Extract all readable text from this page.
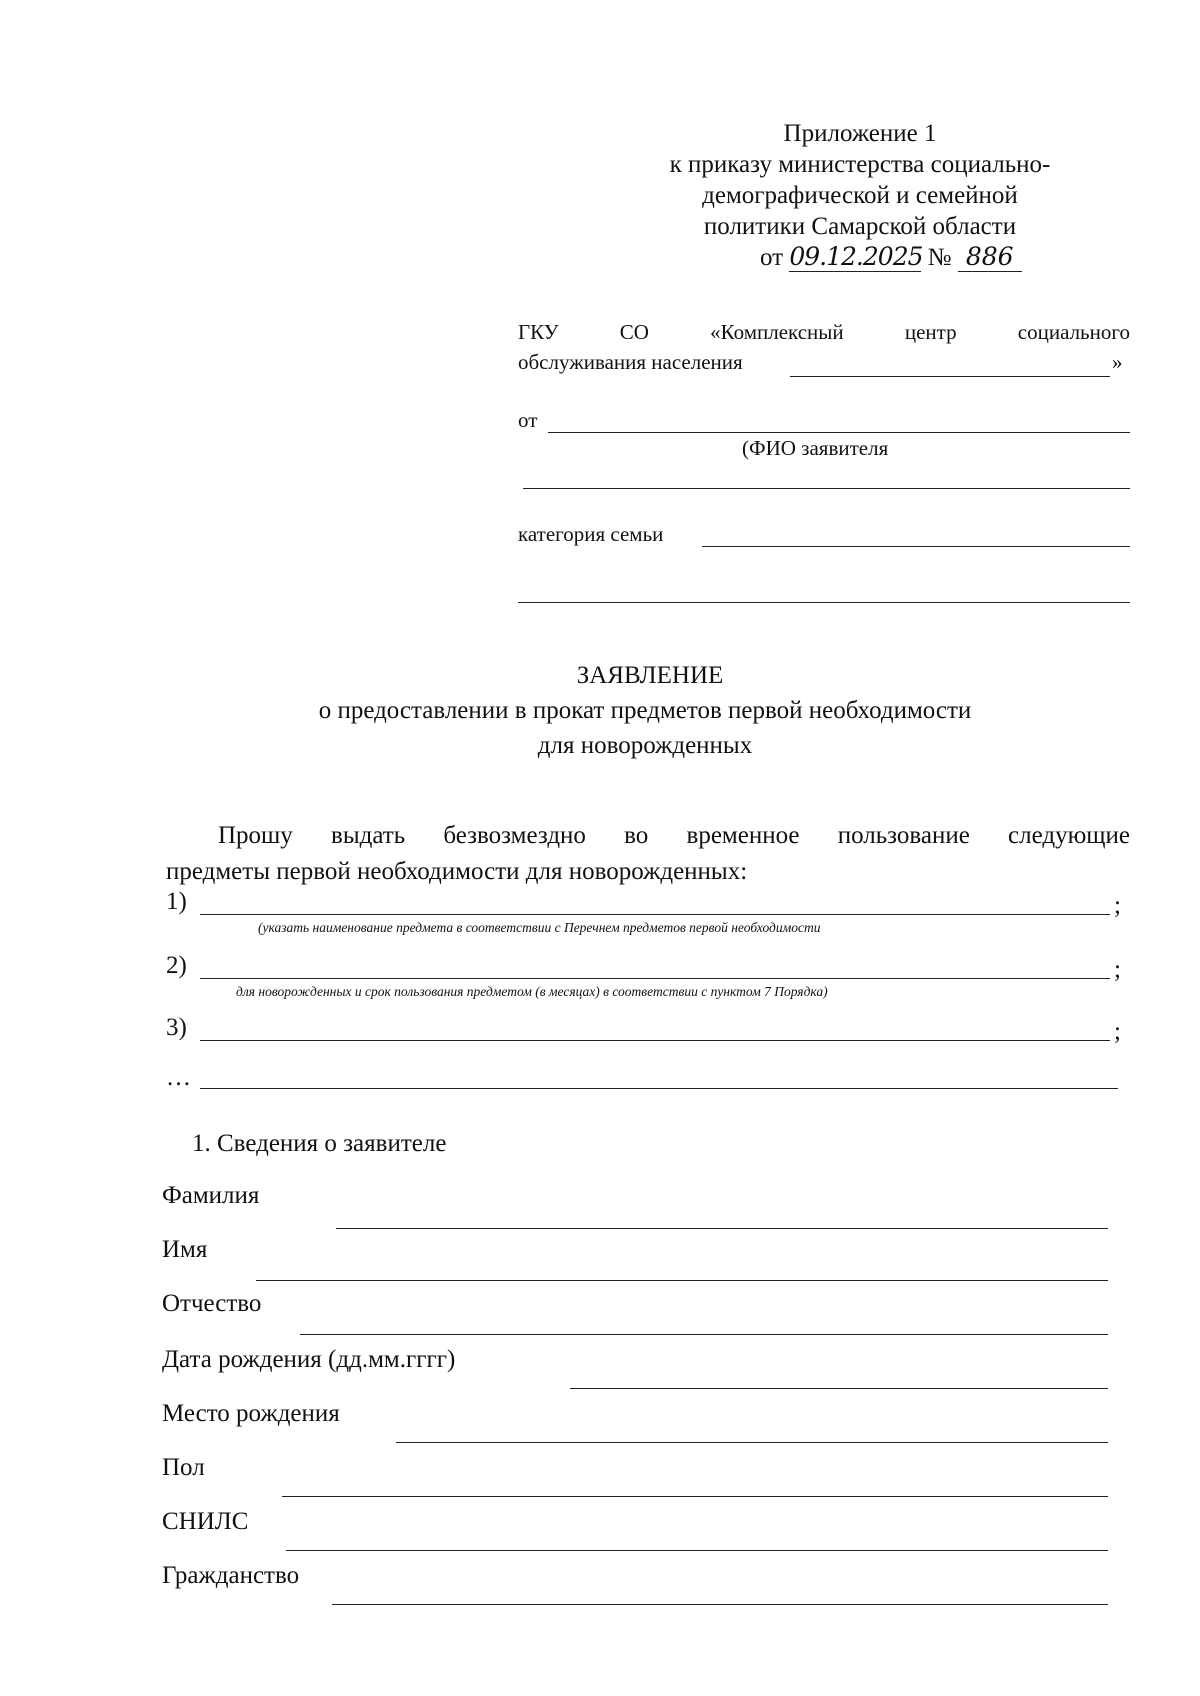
Приложение 1
к приказу министерства социально-
демографической и семейной
политики Самарской области
от 09.12.2025 № 886
ГКУ	СО	«Комплексный	центр	социального
обслуживания населения	»
от
(ФИО заявителя
категория семьи
ЗАЯВЛЕНИЕ
о предоставлении в прокат предметов первой необходимости
для новорожденных
Прошу выдать безвозмездно во временное пользование следующие
предметы первой необходимости для новорожденных:
1)	;
(указать наименование предмета в соответствии с Перечнем предметов первой необходимости
2)	;
для новорожденных и срок пользования предметом (в месяцах) в соответствии с пунктом 7 Порядка)
3)	;
…
1. Сведения о заявителе
Фамилия
Имя
Отчество
Дата рождения (дд.мм.гггг)
Место рождения
Пол
СНИЛС
Гражданство
